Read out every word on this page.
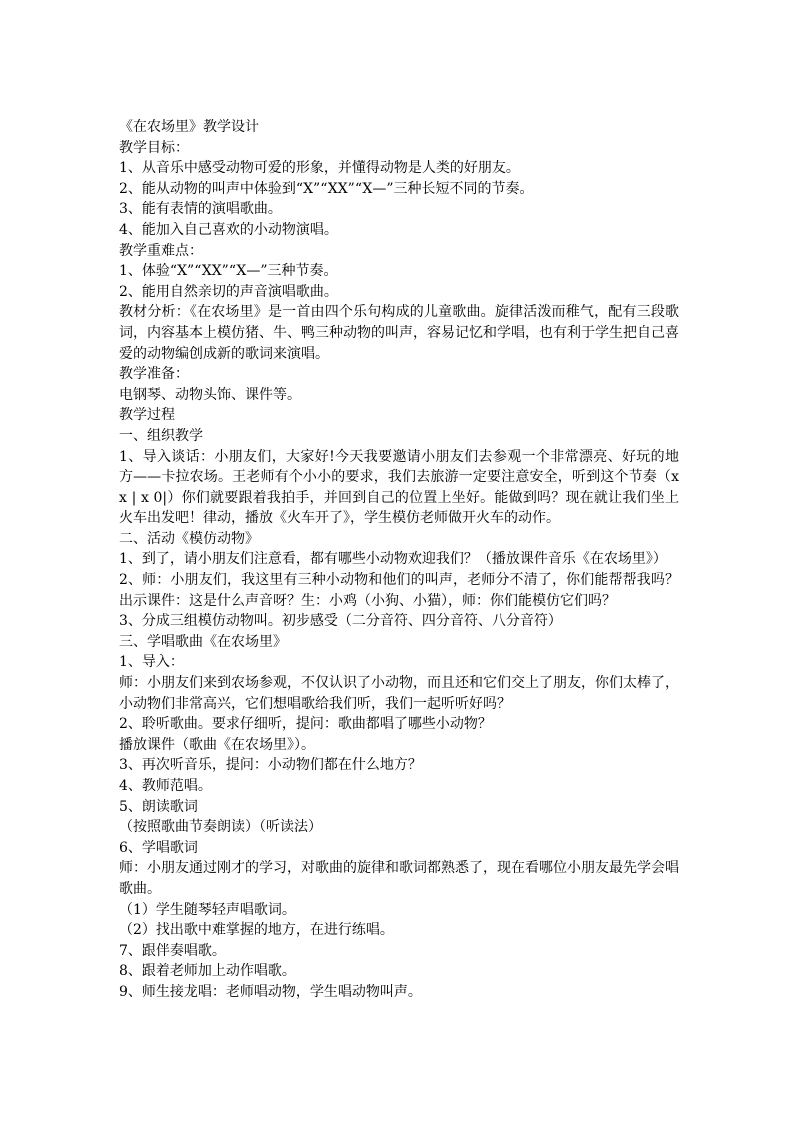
《在农场里》教学设计
教学目标：
1、从音乐中感受动物可爱的形象，并懂得动物是人类的好朋友。
2、能从动物的叫声中体验到“X”“XX”“X—”三种长短不同的节奏。
3、能有表情的演唱歌曲。
4、能加入自己喜欢的小动物演唱。
教学重难点：
1、体验“X”“XX”“X—”三种节奏。
2、能用自然亲切的声音演唱歌曲。
教材分析：《在农场里》是一首由四个乐句构成的儿童歌曲。旋律活泼而稚气，配有三段歌词，内容基本上模仿猪、牛、鸭三种动物的叫声，容易记忆和学唱，也有利于学生把自己喜爱的动物编创成新的歌词来演唱。
教学准备：
电钢琴、动物头饰、课件等。
教学过程
一、组织教学
1、导入谈话：小朋友们，大家好!今天我要邀请小朋友们去参观一个非常漂亮、好玩的地方——卡拉农场。王老师有个小小的要求，我们去旅游一定要注意安全，听到这个节奏（x x | x 0|）你们就要跟着我拍手，并回到自己的位置上坐好。能做到吗？现在就让我们坐上火车出发吧！律动，播放《火车开了》，学生模仿老师做开火车的动作。
二、活动《模仿动物》
1、到了，请小朋友们注意看，都有哪些小动物欢迎我们？（播放课件音乐《在农场里》）
2、师：小朋友们，我这里有三种小动物和他们的叫声，老师分不清了，你们能帮帮我吗？出示课件：这是什么声音呀？生：小鸡（小狗、小猫），师：你们能模仿它们吗？
3、分成三组模仿动物叫。初步感受（二分音符、四分音符、八分音符）
三、学唱歌曲《在农场里》
1、导入：
师：小朋友们来到农场参观，不仅认识了小动物，而且还和它们交上了朋友，你们太棒了，小动物们非常高兴，它们想唱歌给我们听，我们一起听听好吗？
2、聆听歌曲。要求仔细听，提问：歌曲都唱了哪些小动物？
播放课件（歌曲《在农场里》）。
3、再次听音乐，提问：小动物们都在什么地方？
4、教师范唱。
5、朗读歌词
（按照歌曲节奏朗读）（听读法）
6、学唱歌词
师：小朋友通过刚才的学习，对歌曲的旋律和歌词都熟悉了，现在看哪位小朋友最先学会唱歌曲。
（1）学生随琴轻声唱歌词。
（2）找出歌中难掌握的地方，在进行练唱。
7、跟伴奏唱歌。
8、跟着老师加上动作唱歌。
9、师生接龙唱：老师唱动物，学生唱动物叫声。
